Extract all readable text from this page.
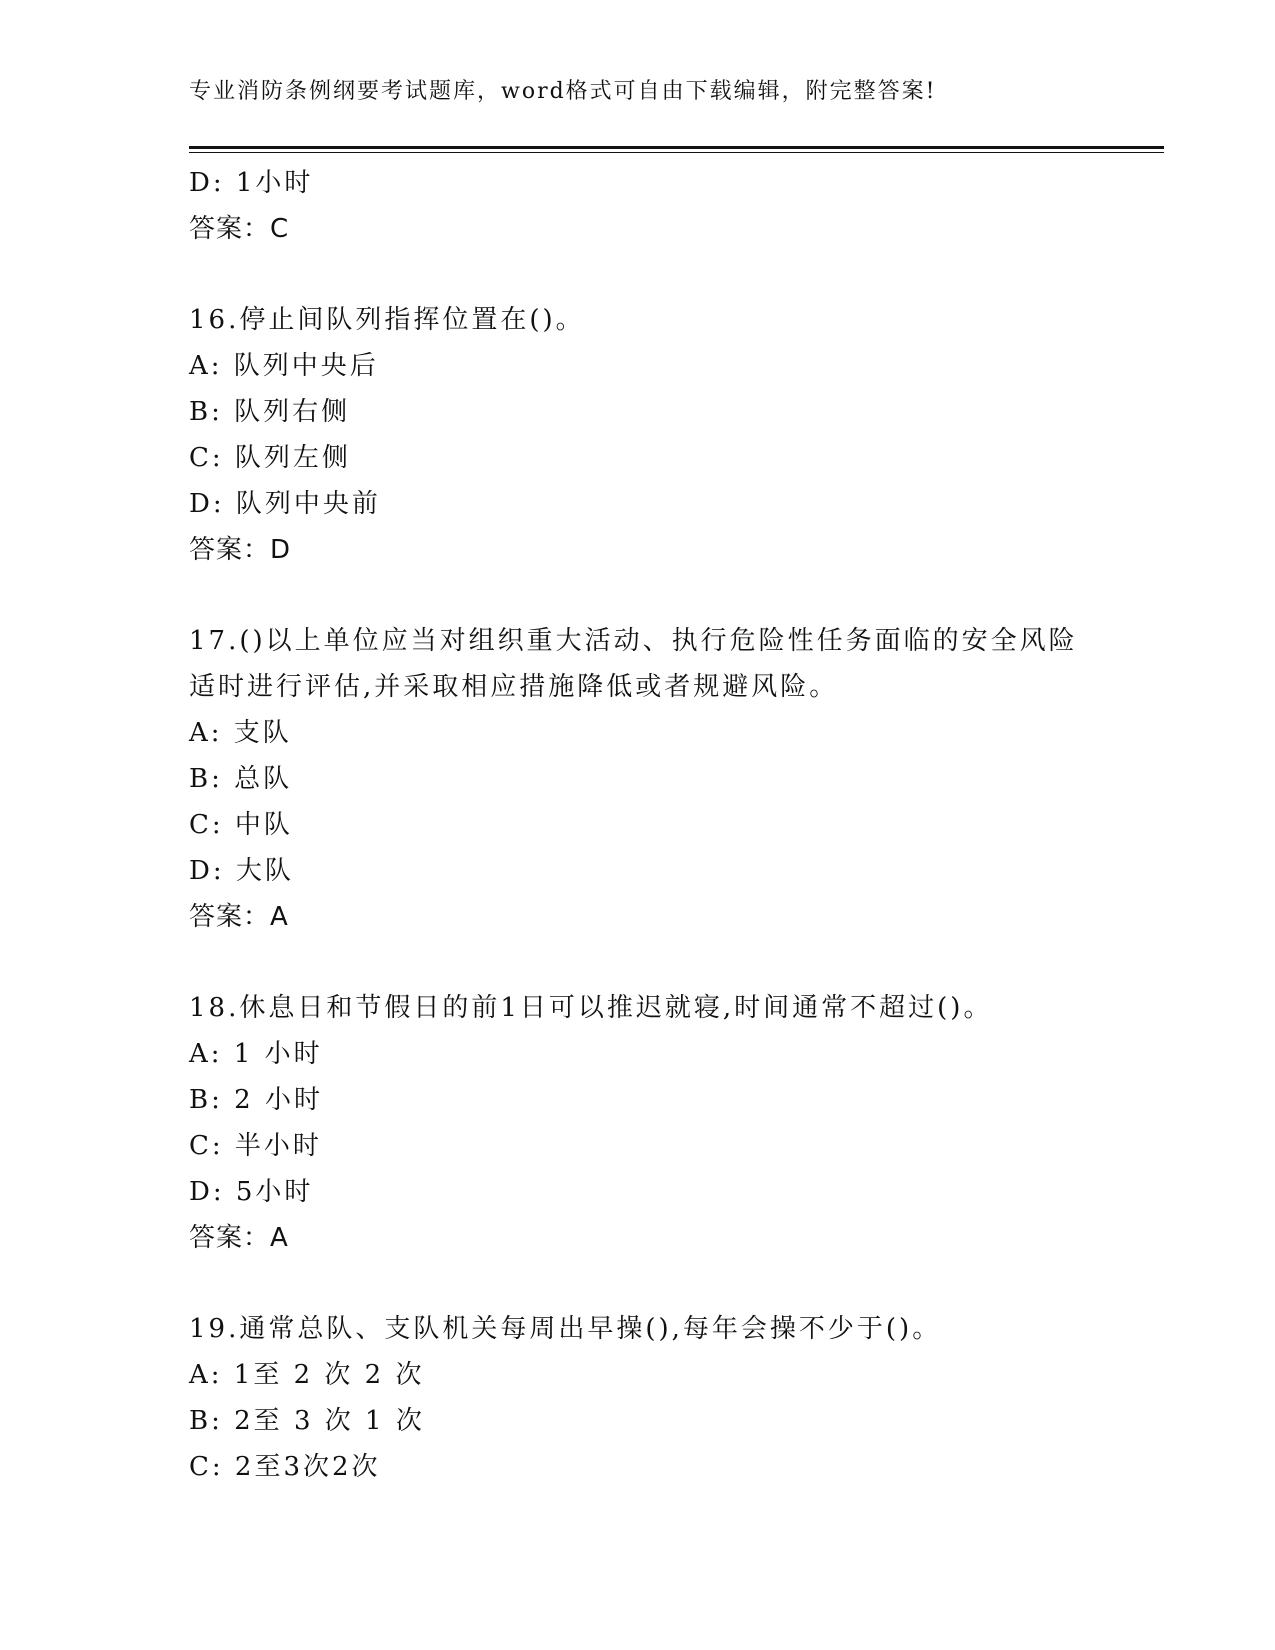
专业消防条例纲要考试题库，word格式可自由下载编辑，附完整答案!
D: 1小时
答案：C
16.停止间队列指挥位置在()。
A: 队列中央后
B: 队列右侧
C: 队列左侧
D: 队列中央前
答案：D
17.()以上单位应当对组织重大活动、执行危险性任务面临的安全风险
适时进行评估,并采取相应措施降低或者规避风险。
A: 支队
B: 总队
C: 中队
D: 大队
答案：A
18.休息日和节假日的前1日可以推迟就寝,时间通常不超过()。
A: 1 小时
B: 2 小时
C: 半小时
D: 5小时
答案：A
19.通常总队、支队机关每周出早操(),每年会操不少于()。
A: 1至 2 次 2 次
B: 2至 3 次 1 次
C: 2至3次2次
